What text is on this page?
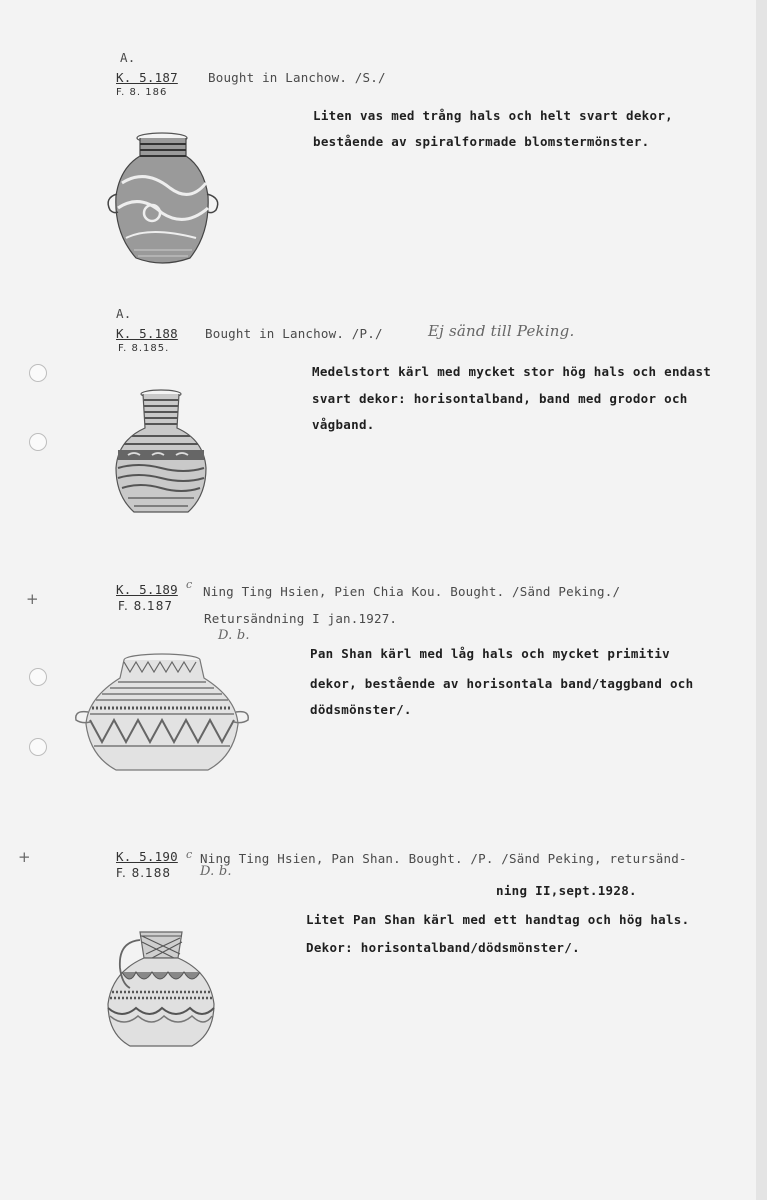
+
+
A.
K. 5.187
F. 8. 186
Bought in Lanchow. /S./
Liten vas med trång hals och helt svart dekor,
bestående av spiralformade blomstermönster.
A.
K. 5.188
F. 8.185.
Bought in Lanchow. /P./	Ej sänd till Peking.
Medelstort kärl med mycket stor hög hals och endast
svart dekor: horisontalband, band med grodor och
vågband.
K. 5.189 c
F. 8.187
Ning Ting Hsien, Pien Chia Kou. Bought. /Sänd Peking./
Retursändning I jan.1927.
D. b.
Pan Shan kärl med låg hals och mycket primitiv
dekor, bestående av horisontala band/taggband och
dödsmönster/.
K. 5.190 c
F. 8.188 D. b.
Ning Ting Hsien, Pan Shan. Bought. /P. /Sänd Peking, retursänd-
ning II,sept.1928.
Litet Pan Shan kärl med ett handtag och hög hals.
Dekor: horisontalband/dödsmönster/.
